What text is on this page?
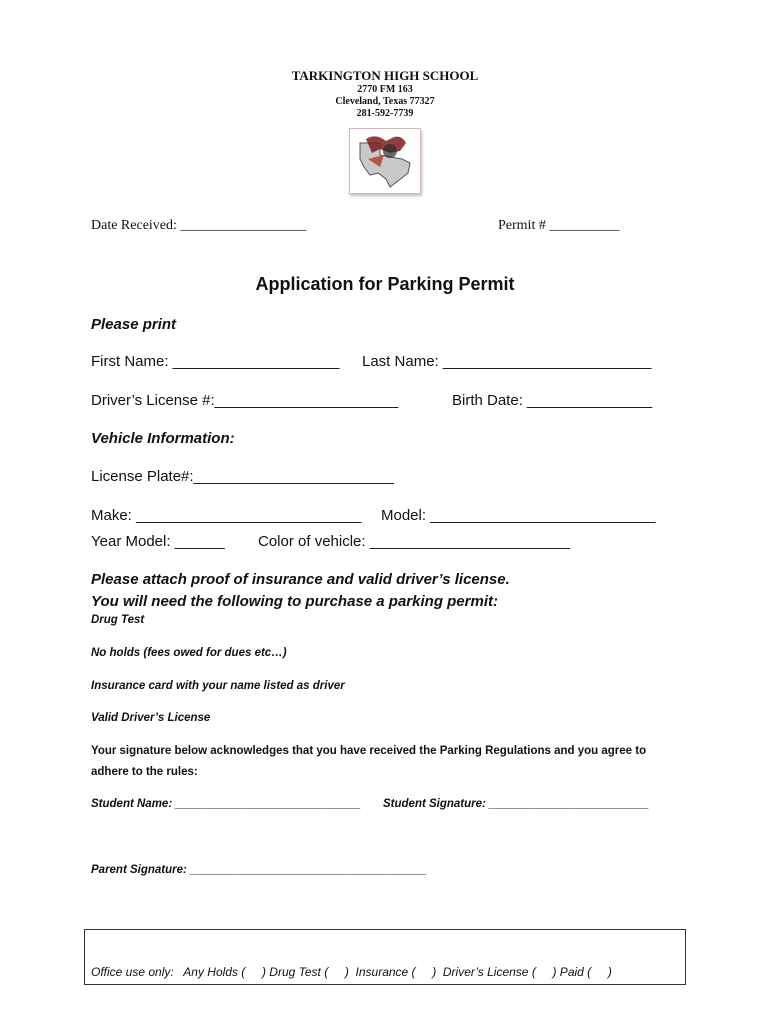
TARKINGTON HIGH SCHOOL
2770 FM 163
Cleveland, Texas 77327
281-592-7739
Date Received: __________________	Permit # __________
Application for Parking Permit
Please print
First Name: ____________________ Last Name: _________________________
Driver’s License #:______________________	Birth Date: _______________
Vehicle Information:
License Plate#:________________________
Make: ___________________________ Model: ___________________________
Year Model: ______ Color of vehicle: ________________________
Please attach proof of insurance and valid driver’s license.
You will need the following to purchase a parking permit:
Drug Test
No holds (fees owed for dues etc…)
Insurance card with your name listed as driver
Valid Driver’s License
Your signature below acknowledges that you have received the Parking Regulations and you agree to
adhere to the rules:
Student Name: _____________________________ Student Signature: _________________________
Parent Signature: _____________________________________
Office use only:   Any Holds (     ) Drug Test (     )  Insurance (     )  Driver’s License (     ) Paid (     )
